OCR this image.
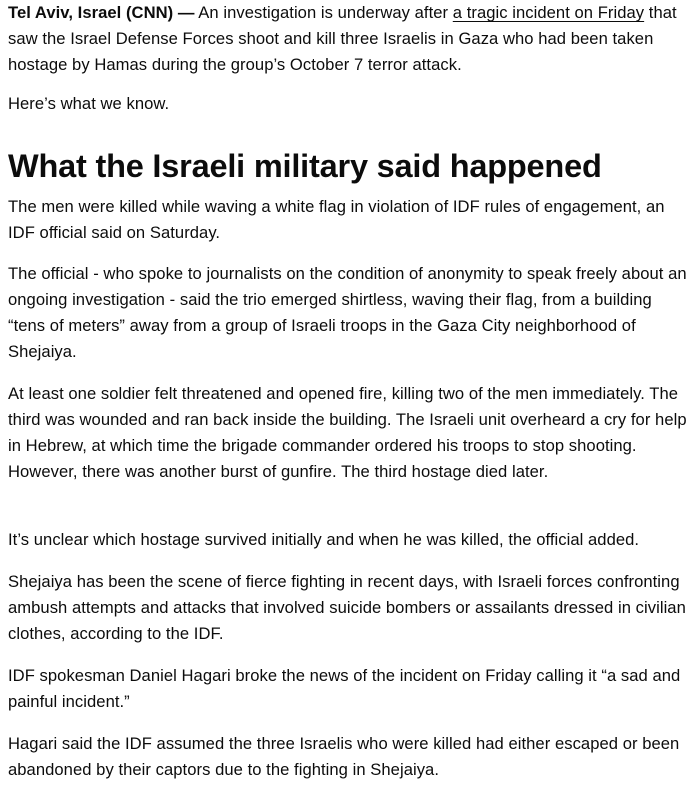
Tel Aviv, Israel (CNN) — An investigation is underway after a tragic incident on Friday that saw the Israel Defense Forces shoot and kill three Israelis in Gaza who had been taken hostage by Hamas during the group’s October 7 terror attack.

Here’s what we know.

What the Israeli military said happened

The men were killed while waving a white flag in violation of IDF rules of engagement, an IDF official said on Saturday.

The official - who spoke to journalists on the condition of anonymity to speak freely about an ongoing investigation - said the trio emerged shirtless, waving their flag, from a building “tens of meters” away from a group of Israeli troops in the Gaza City neighborhood of Shejaiya.

At least one soldier felt threatened and opened fire, killing two of the men immediately. The third was wounded and ran back inside the building. The Israeli unit overheard a cry for help in Hebrew, at which time the brigade commander ordered his troops to stop shooting. However, there was another burst of gunfire. The third hostage died later.

It’s unclear which hostage survived initially and when he was killed, the official added.

Shejaiya has been the scene of fierce fighting in recent days, with Israeli forces confronting ambush attempts and attacks that involved suicide bombers or assailants dressed in civilian clothes, according to the IDF.

IDF spokesman Daniel Hagari broke the news of the incident on Friday calling it “a sad and painful incident.”

Hagari said the IDF assumed the three Israelis who were killed had either escaped or been abandoned by their captors due to the fighting in Shejaiya.
